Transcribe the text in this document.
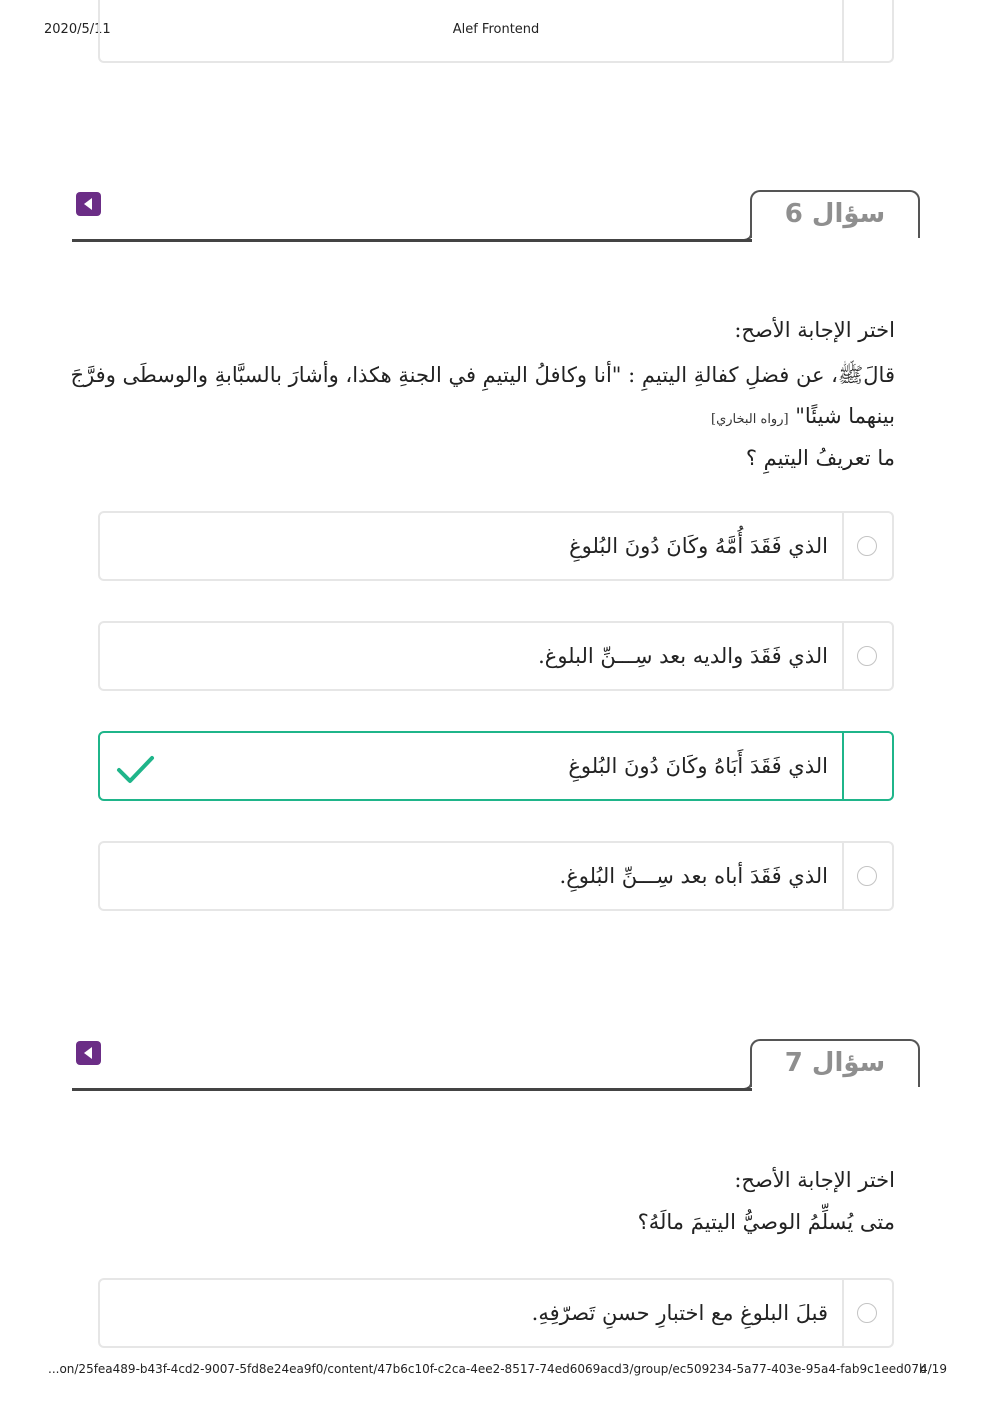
2020/5/11	Alef Frontend
سؤال 6
اختر الإجابة الأصح:
قالَﷺ، عن فضلِ كفالةِ اليتيمِ : "أنا وكافلُ اليتيمِ في الجنةِ هكذا، وأشارَ بالسبَّابةِ والوسطَى وفرَّجَ
بينهما شيئًا" [رواه البخاري]
ما تعريفُ اليتيمِ ؟
الذي فَقَدَ أُمَّهُ وكَانَ دُونَ البُلوغِ
الذي فَقَدَ والديه بعد سِـــنِّ البلوغ.
الذي فَقَدَ أَبَاهُ وكَانَ دُونَ البُلوغِ
الذي فَقَدَ أباه بعد سِـــنِّ البُلوغِ.
سؤال 7
اختر الإجابة الأصح:
متى يُسلِّمُ الوصيُّ اليتيمَ مالَهُ؟
قبلَ البلوغِ مع اختبارِ حسنِ تَصرّفِهِ.
...on/25fea489-b43f-4cd2-9007-5fd8e24ea9f0/content/47b6c10f-c2ca-4ee2-8517-74ed6069acd3/group/ec509234-5a77-403e-95a4-fab9c1eed07b
4/19
